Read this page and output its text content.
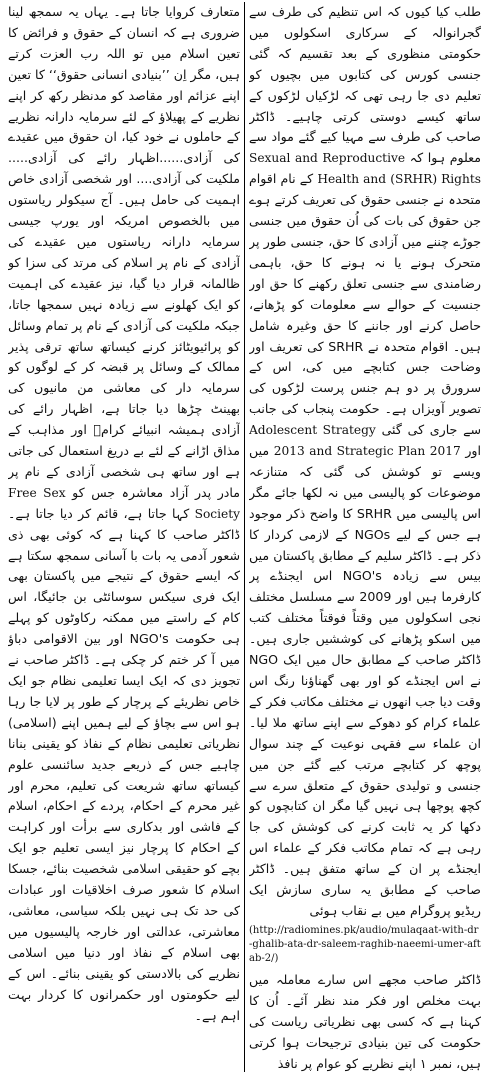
طلب کیا کیوں کہ اس تنظیم کی طرف سے گجرانوالہ کے سرکاری اسکولوں میں حکومتی منظوری کے بعد تقسیم کہ گئی جنسی کورس کی کتابوں میں بچیوں کو تعلیم دی جا رہی تھی کہ لڑکیاں لڑکوں کے ساتھ کیسے دوستی کرتی چاہیے۔ ڈاکٹر صاحب کی طرف سے مہیا کیے گئے مواد سے معلوم ہوا کہ Sexual and Reproductive Health and (SRHR) Rights کے نام اقوام متحدہ نے جنسی حقوق کی تعریف کرتے ہوے جن حقوق کی بات کی اُن حقوق میں جنسی جوڑے چننے میں آزادی کا حق، جنسی طور پر متحرک ہونے یا نہ ہونے کا حق، باہمی رضامندی سے جنسی تعلق رکھنے کا حق اور جنسیت کے حوالے سے معلومات کو پڑھانے، حاصل کرنے اور جاننے کا حق وغیرہ شامل ہیں۔ اقوام متحدہ نے SRHR کی تعریف اور وضاحت جس کتابچے میں کی، اس کے سرورق پر دو ہم جنس پرست لڑکوں کی تصویر آویزاں ہے۔ حکومت پنجاب کی جانب سے جاری کی گئی Adolescent Strategy اور 2013 and Strategic Plan 2017 میں ویسے تو کوشش کی گئی کہ متنازعہ موضوعات کو پالیسی میں نہ لکھا جائے مگر اس پالیسی میں SRHR کا واضح ذکر موجود ہے جس کے لیے NGOs کے لازمی کردار کا ذکر ہے۔ ڈاکٹر سلیم کے مطابق پاکستان میں بیس سے زیادہ NGO's اس ایجنڈے پر کارفرما ہیں اور 2009 سے مسلسل مختلف نجی اسکولوں میں وقتاً فوقتاً مختلف کتب میں اسکو پڑھانے کی کوششیں جاری ہیں۔ ڈاکٹر صاحب کے مطابق حال میں ایک NGO نے اس ایجنڈے کو اور بھی گھناؤنا رنگ اس وقت دیا جب انھوں نے مختلف مکاتب فکر کے علماء کرام کو دھوکے سے اپنے ساتھ ملا لیا۔ ان علماء سے فقہی نوعیت کے چند سوال پوچھ کر کتابچے مرتب کیے گئے جن میں جنسی و تولیدی حقوق کے متعلق سرے سے کچھ پوچھا ہی نہیں گیا مگر ان کتابچوں کو دکھا کر یہ ثابت کرنے کی کوشش کی جا رہی ہے کہ تمام مکاتب فکر کے علماء اس ایجنڈے پر ان کے ساتھ متفق ہیں۔ ڈاکٹر صاحب کے مطابق یہ ساری سازش ایک ریڈیو پروگرام میں بے نقاب ہوئی

(http://radiomines.pk/audio/mulaqaat-with-dr-ghalib-ata-dr-saleem-raghib-naeemi-umer-aftab-2/)

ڈاکٹر صاحب مجھے اس سارے معاملہ میں بہت مخلص اور فکر مند نظر آئے۔ اُن کا کہنا ہے کہ کسی بھی نظریاتی ریاست کی حکومت کی تین بنیادی ترجیحات ہوا کرتی ہیں، نمبر ۱ اپنے نظریے کو عوام پر نافذ

متعارف کروایا جاتا ہے۔ یہاں یہ سمجھ لینا ضروری ہے کہ انسان کے حقوق و فرائض کا تعین اسلام میں تو اللہ رب العزت کرتے ہیں، مگر اِن ’’بنیادی انسانی حقوق‘‘ کا تعین اپنے عزائم اور مقاصد کو مدنظر رکھ کر اپنے نظریے کے پھیلاؤ کے لئے سرمایہ دارانہ نظریے کے حاملوں نے خود کیا، ان حقوق میں عقیدے کی آزادی......اظہار رائے کی آزادی..... ملکیت کی آزادی.... اور شخصی آزادی خاص اہمیت کی حامل ہیں۔ آج سیکولر ریاستوں میں بالخصوص امریکہ اور یورپ جیسی سرمایہ دارانہ ریاستوں میں عقیدے کی آزادی کے نام پر اسلام کی مرتد کی سزا کو ظالمانہ قرار دیا گیا، نیز عقیدے کی اہمیت کو ایک کھلونے سے زیادہ نہیں سمجھا جاتا، جبکہ ملکیت کی آزادی کے نام پر تمام وسائل کو پرائیویٹائز کرنے کیساتھ ساتھ ترقی پذیر ممالک کے وسائل پر قبضہ کر کے لوگوں کو سرمایہ دار کی معاشی من مانیوں کی بھینٹ چڑھا دیا جاتا ہے، اظہار رائے کی آزادی ہمیشہ انبیائے کرامؑ اور مذاہب کے مذاق اڑانے کے لئے بے دریغ استعمال کی جاتی ہے اور ساتھ ہی شخصی آزادی کے نام پر مادر پدر آزاد معاشرہ جس کو Free Sex Society کہا جاتا ہے، قائم کر دیا جاتا ہے۔ ڈاکٹر صاحب کا کہنا ہے کہ کوئی بھی ذی شعور آدمی یہ بات با آسانی سمجھ سکتا ہے کہ ایسے حقوق کے نتیجے میں پاکستان بھی ایک فری سیکس سوسائٹی بن جائیگا، اس کام کے راستے میں ممکنہ رکاوٹوں کو پہلے ہی حکومت NGO's اور بین الاقوامی دباؤ میں آ کر ختم کر چکی ہے۔ ڈاکٹر صاحب نے تجویز دی کہ ایک ایسا تعلیمی نظام جو ایک خاص نظریئے کے پرچار کے طور پر لایا جا رہا ہو اس سے بچاؤ کے لیے ہمیں اپنے (اسلامی) نظریاتی تعلیمی نظام کے نفاذ کو یقینی بنانا چاہیے جس کے ذریعے جدید سائنسی علوم کیساتھ ساتھ شریعت کی تعلیم، محرم اور غیر محرم کے احکام، پردے کے احکام، اسلام کے فاشی اور بدکاری سے برأت اور کراہت کے احکام کا پرچار نیز ایسی تعلیم جو ایک بچے کو حقیقی اسلامی شخصیت بنائے، جسکا اسلام کا شعور صرف اخلاقیات اور عبادات کی حد تک ہی نہیں بلکہ سیاسی، معاشی، معاشرتی، عدالتی اور خارجہ پالیسیوں میں بھی اسلام کے نفاذ اور دنیا میں اسلامی نظریے کی بالادستی کو یقینی بنائے۔ اس کے لیے حکومتوں اور حکمرانوں کا کردار بہت اہم ہے۔
